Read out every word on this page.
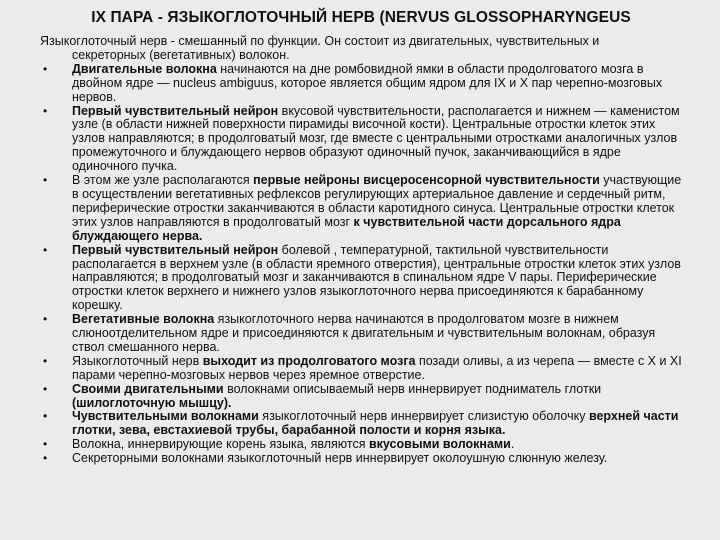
IX ПАРА - ЯЗЫКОГЛОТОЧНЫЙ НЕРВ (NERVUS GLOSSOPHARYNGEUS
Языкоглоточный нерв - смешанный по функции. Он состоит из двигательных, чувствительных и
секреторных (вегетативных) волокон.
• Двигательные волокна начинаются на дне ромбовидной ямки в области продолговатого мозга в двойном ядре — nucleus ambiguus, которое является общим ядром для IX и X пар черепно-мозговых нервов.
• Первый чувствительный нейрон вкусовой чувствительности, располагается и нижнем — каменистом узле (в области нижней поверхности пирамиды височной кости). Центральные отростки клеток этих узлов направляются; в продолговатый мозг, где вместе с центральными отростками аналогичных узлов промежуточного и блуждающего нервов образуют одиночный пучок, заканчивающийся в ядре одиночного пучка.
• В этом же узле располагаются первые нейроны висцеросенсорной чувствительности участвующие в осуществлении вегетативных рефлексов регулирующих артериальное давление и сердечный ритм, периферические отростки заканчиваются в области каротидного синуса. Центральные отростки клеток этих узлов направляются в продолговатый мозг к чувствительной части дорсального ядра блуждающего нерва.
• Первый чувствительный нейрон болевой , температурной, тактильной чувствительности располагается в верхнем узле (в области яремного отверстия), центральные отростки клеток этих узлов направляются; в продолговатый мозг и заканчиваются в спинальном ядре V пары. Периферические отростки клеток верхнего и нижнего узлов языкоглоточного нерва присоединяются к барабанному корешку.
• Вегетативные волокна языкоглоточного нерва начинаются в продолговатом мозге в нижнем слюноотделительном ядре и присоединяются к двигательным и чувствительным волокнам, образуя ствол смешанного нерва.
• Языкоглоточный нерв выходит из продолговатого мозга позади оливы, а из черепа — вместе с X и XI парами черепно-мозговых нервов через яремное отверстие.
• Своими двигательными волокнами описываемый нерв иннервирует подниматель глотки (шилоглоточную мышцу).
• Чувствительными волокнами языкоглоточный нерв иннервирует слизистую оболочку верхней части глотки, зева, евстахиевой трубы, барабанной полости и корня языка.
• Волокна, иннервирующие корень языка, являются вкусовыми волокнами.
• Секреторными волокнами языкоглоточный нерв иннервирует околоушную слюнную железу.
